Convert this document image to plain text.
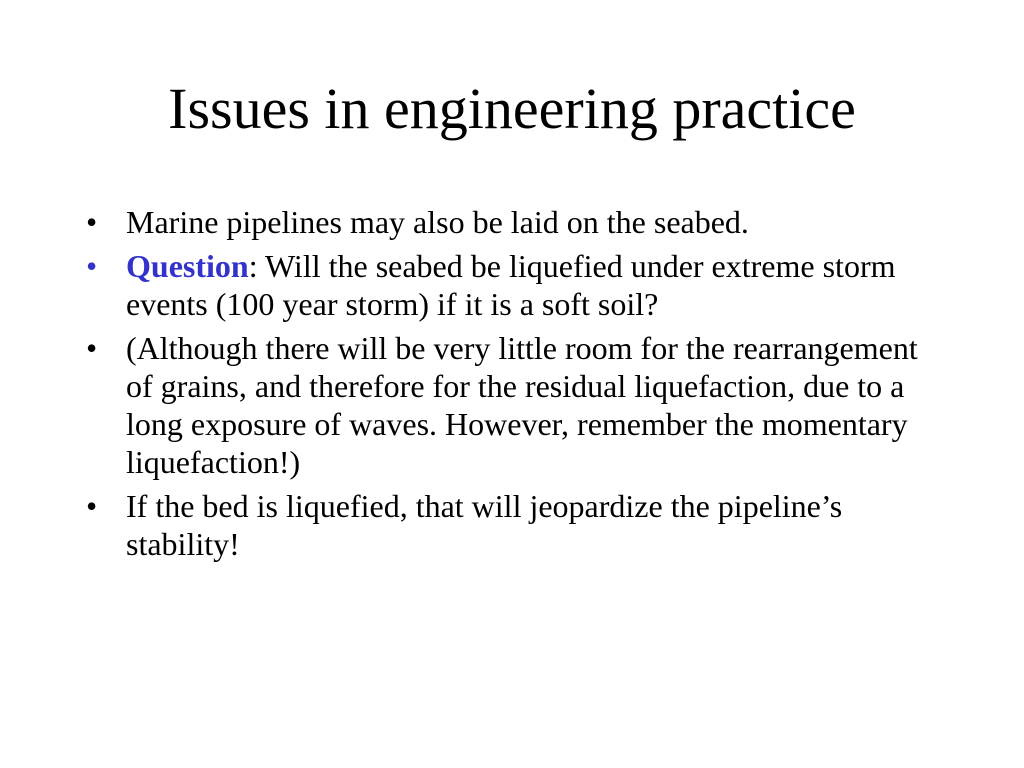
Issues in engineering practice
• Marine pipelines may also be laid on the seabed.
• Question: Will the seabed be liquefied under extreme storm events (100 year storm) if it is a soft soil?
• (Although there will be very little room for the rearrangement of grains, and therefore for the residual liquefaction, due to a long exposure of waves. However, remember the momentary liquefaction!)
• If the bed is liquefied, that will jeopardize the pipeline’s stability!
